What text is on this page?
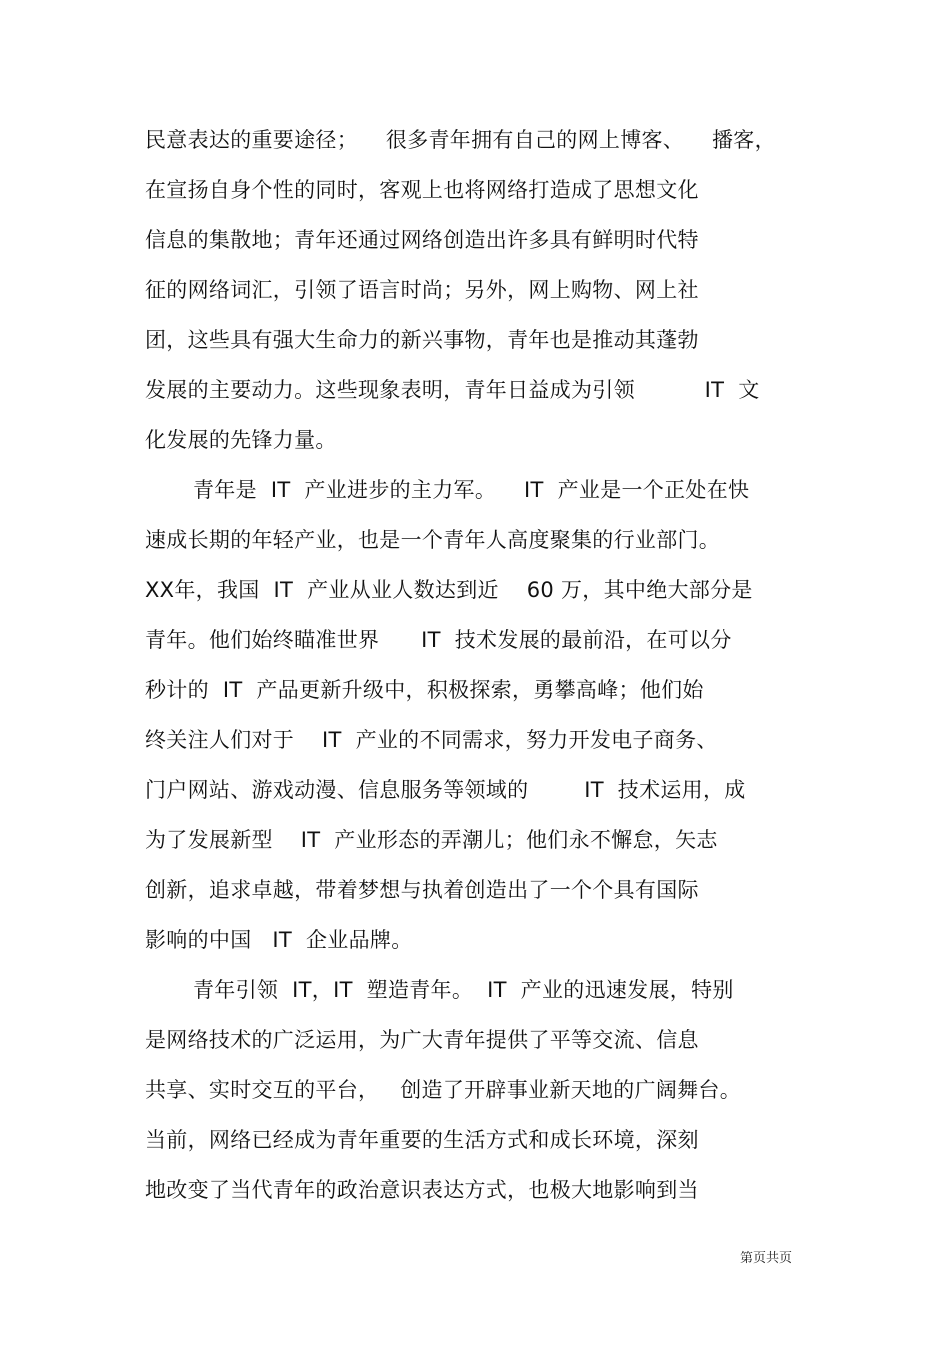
民意表达的重要途径；    很多青年拥有自己的网上博客、    播客，
在宣扬自身个性的同时，客观上也将网络打造成了思想文化
信息的集散地；青年还通过网络创造出许多具有鲜明时代特
征的网络词汇，引领了语言时尚；另外，网上购物、网上社
团，这些具有强大生命力的新兴事物，青年也是推动其蓬勃
发展的主要动力。这些现象表明，青年日益成为引领          IT  文
化发展的先锋力量。
青年是  IT  产业进步的主力军。    IT  产业是一个正处在快
速成长期的年轻产业，也是一个青年人高度聚集的行业部门。
XX年，我国  IT  产业从业人数达到近    60 万，其中绝大部分是
青年。他们始终瞄准世界      IT  技术发展的最前沿，在可以分
秒计的  IT  产品更新升级中，积极探索，勇攀高峰；他们始
终关注人们对于    IT  产业的不同需求，努力开发电子商务、
门户网站、游戏动漫、信息服务等领域的        IT  技术运用，成
为了发展新型    IT  产业形态的弄潮儿；他们永不懈怠，矢志
创新，追求卓越，带着梦想与执着创造出了一个个具有国际
影响的中国   IT  企业品牌。
青年引领  IT，IT  塑造青年。  IT  产业的迅速发展，特别
是网络技术的广泛运用，为广大青年提供了平等交流、信息
共享、实时交互的平台，   创造了开辟事业新天地的广阔舞台。
当前，网络已经成为青年重要的生活方式和成长环境，深刻
地改变了当代青年的政治意识表达方式，也极大地影响到当
第页共页
